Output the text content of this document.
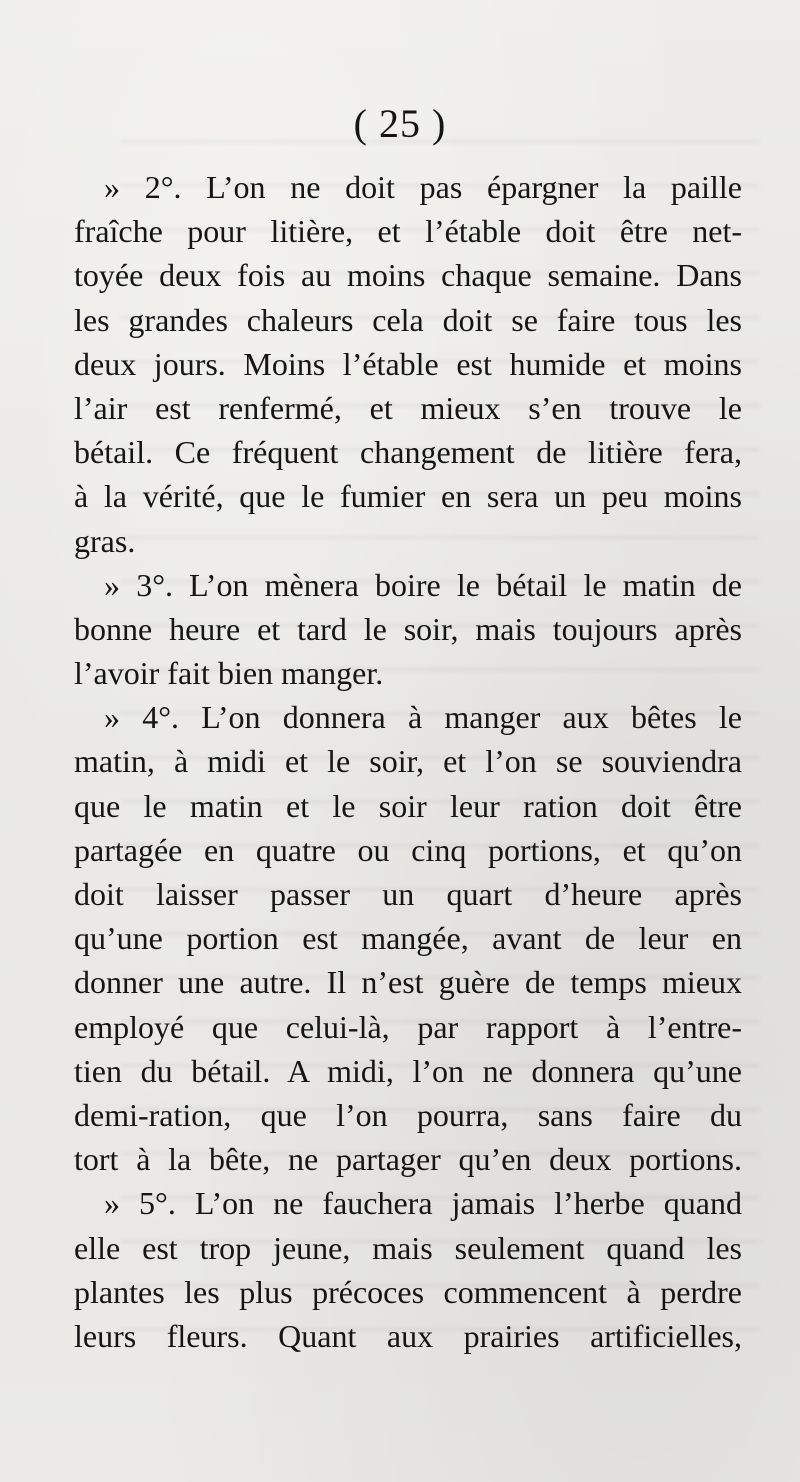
( 25 )
» 2°. L’on ne doit pas épargner la paille
fraîche pour litière, et l’étable doit être net-
toyée deux fois au moins chaque semaine. Dans
les grandes chaleurs cela doit se faire tous les
deux jours. Moins l’étable est humide et moins
l’air est renfermé, et mieux s’en trouve le
bétail. Ce fréquent changement de litière fera,
à la vérité, que le fumier en sera un peu moins
gras.
» 3°. L’on mènera boire le bétail le matin de
bonne heure et tard le soir, mais toujours après
l’avoir fait bien manger.
» 4°. L’on donnera à manger aux bêtes le
matin, à midi et le soir, et l’on se souviendra
que le matin et le soir leur ration doit être
partagée en quatre ou cinq portions, et qu’on
doit laisser passer un quart d’heure après
qu’une portion est mangée, avant de leur en
donner une autre. Il n’est guère de temps mieux
employé que celui-là, par rapport à l’entre-
tien du bétail. A midi, l’on ne donnera qu’une
demi-ration, que l’on pourra, sans faire du
tort à la bête, ne partager qu’en deux portions.
» 5°. L’on ne fauchera jamais l’herbe quand
elle est trop jeune, mais seulement quand les
plantes les plus précoces commencent à perdre
leurs fleurs. Quant aux prairies artificielles,
